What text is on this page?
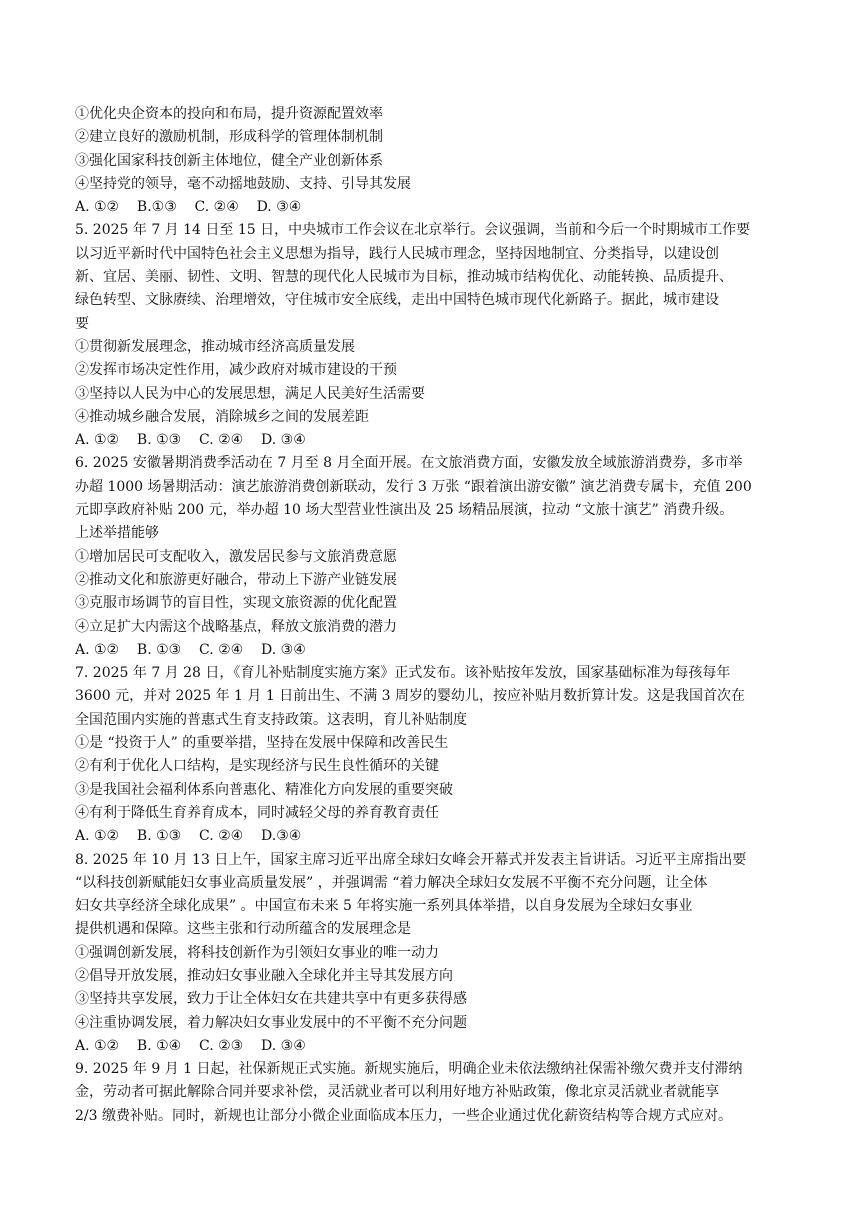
①优化央企资本的投向和布局，提升资源配置效率
②建立良好的激励机制，形成科学的管理体制机制
③强化国家科技创新主体地位，健全产业创新体系
④坚持党的领导，毫不动摇地鼓励、支持、引导其发展
A. ①②    B.①③    C. ②④    D. ③④
5. 2025 年 7 月 14 日至 15 日，中央城市工作会议在北京举行。会议强调，当前和今后一个时期城市工作要
以习近平新时代中国特色社会主义思想为指导，践行人民城市理念，坚持因地制宜、分类指导，以建设创
新、宜居、美丽、韧性、文明、智慧的现代化人民城市为目标，推动城市结构优化、动能转换、品质提升、
绿色转型、文脉赓续、治理增效，守住城市安全底线，走出中国特色城市现代化新路子。据此，城市建设
要
①贯彻新发展理念，推动城市经济高质量发展
②发挥市场决定性作用，减少政府对城市建设的干预
③坚持以人民为中心的发展思想，满足人民美好生活需要
④推动城乡融合发展，消除城乡之间的发展差距
A. ①②    B. ①③    C. ②④    D. ③④
6. 2025 安徽暑期消费季活动在 7 月至 8 月全面开展。在文旅消费方面，安徽发放全域旅游消费券，多市举
办超 1000 场暑期活动：演艺旅游消费创新联动，发行 3 万张 “跟着演出游安徽” 演艺消费专属卡，充值 200
元即享政府补贴 200 元，举办超 10 场大型营业性演出及 25 场精品展演，拉动 “文旅十演艺” 消费升级。
上述举措能够
①增加居民可支配收入，激发居民参与文旅消费意愿
②推动文化和旅游更好融合，带动上下游产业链发展
③克服市场调节的盲目性，实现文旅资源的优化配置
④立足扩大内需这个战略基点，释放文旅消费的潜力
A. ①②    B. ①③    C. ②④    D. ③④
7. 2025 年 7 月 28 日，《育儿补贴制度实施方案》正式发布。该补贴按年发放，国家基础标准为每孩每年
3600 元，并对 2025 年 1 月 1 日前出生、不满 3 周岁的婴幼儿，按应补贴月数折算计发。这是我国首次在
全国范围内实施的普惠式生育支持政策。这表明，育儿补贴制度
①是 “投资于人” 的重要举措，坚持在发展中保障和改善民生
②有利于优化人口结构，是实现经济与民生良性循环的关键
③是我国社会福利体系向普惠化、精准化方向发展的重要突破
④有利于降低生育养育成本，同时减轻父母的养育教育责任
A. ①②    B. ①③    C. ②④    D.③④
8. 2025 年 10 月 13 日上午，国家主席习近平出席全球妇女峰会开幕式并发表主旨讲话。习近平主席指出要
“以科技创新赋能妇女事业高质量发展” ，并强调需 “着力解决全球妇女发展不平衡不充分问题，让全体
妇女共享经济全球化成果” 。中国宣布未来 5 年将实施一系列具体举措，以自身发展为全球妇女事业
提供机遇和保障。这些主张和行动所蕴含的发展理念是
①强调创新发展，将科技创新作为引领妇女事业的唯一动力
②倡导开放发展，推动妇女事业融入全球化并主导其发展方向
③坚持共享发展，致力于让全体妇女在共建共享中有更多获得感
④注重协调发展，着力解决妇女事业发展中的不平衡不充分问题
A. ①②    B. ①④    C. ②③    D. ③④
9. 2025 年 9 月 1 日起，社保新规正式实施。新规实施后，明确企业未依法缴纳社保需补缴欠费并支付滞纳
金，劳动者可据此解除合同并要求补偿，灵活就业者可以利用好地方补贴政策，像北京灵活就业者就能享
2/3 缴费补贴。同时，新规也让部分小微企业面临成本压力，一些企业通过优化薪资结构等合规方式应对。
